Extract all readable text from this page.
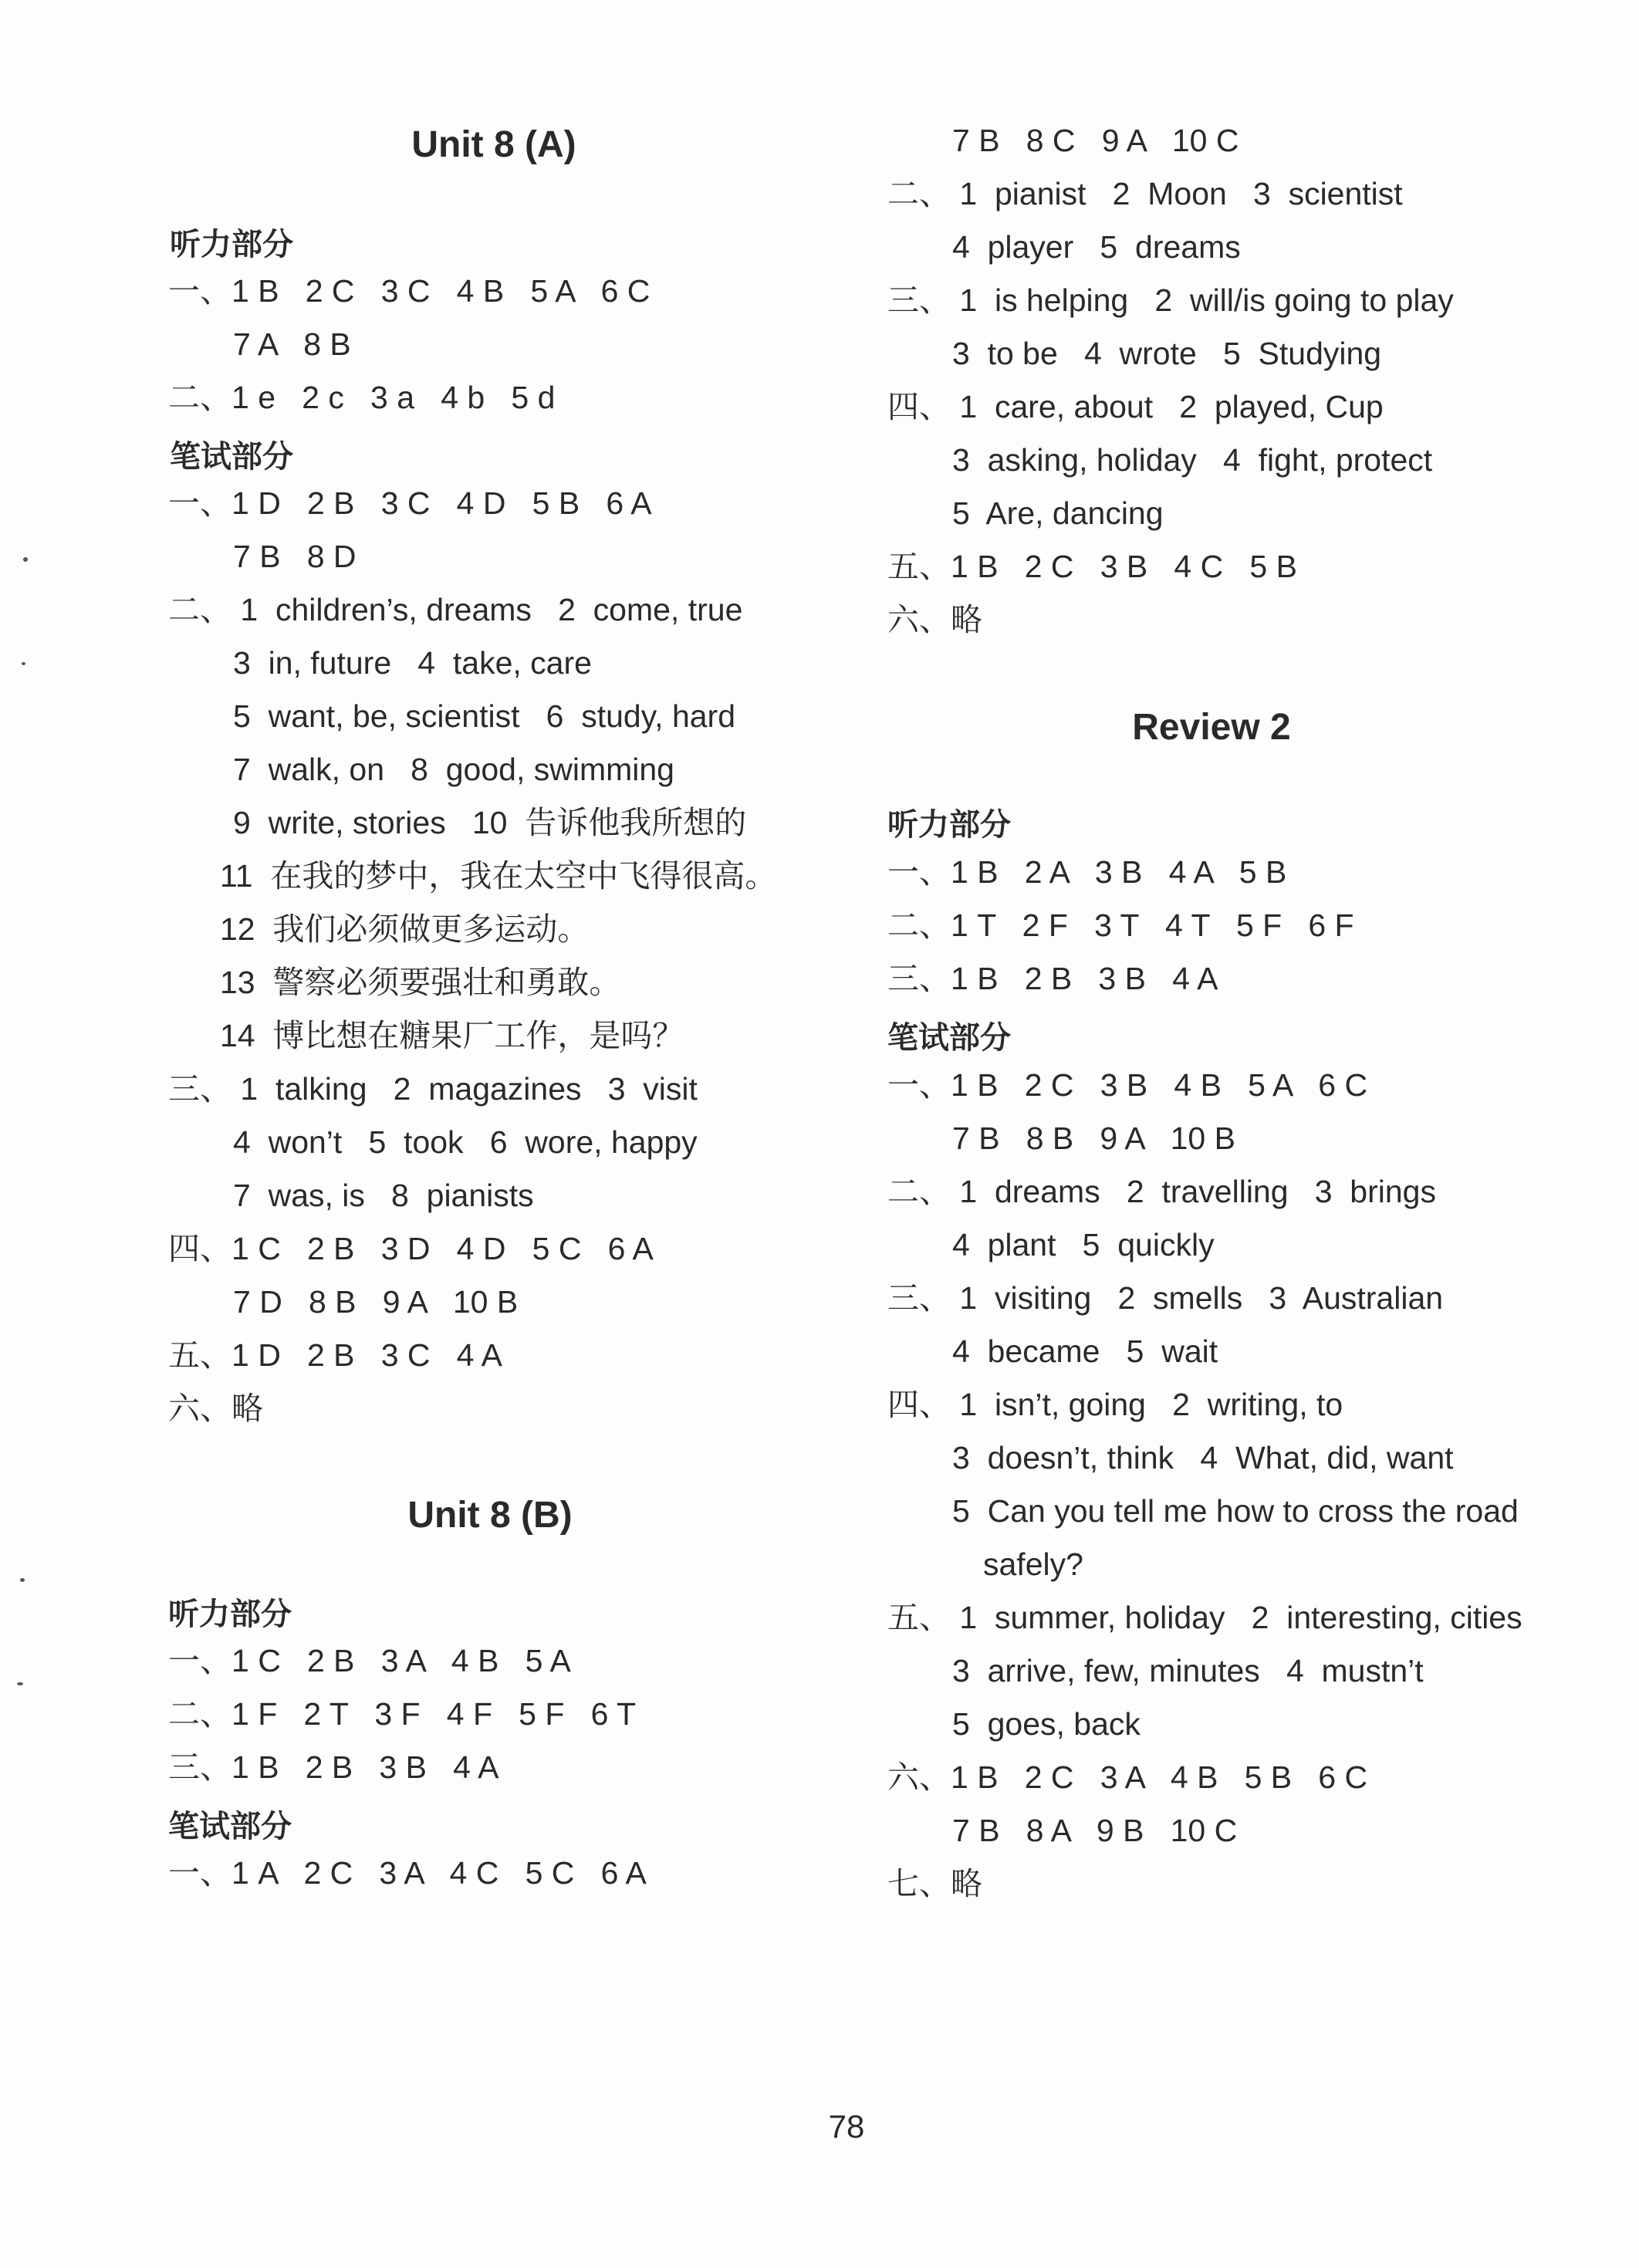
Unit 8 (A)
听力部分
一、1 B   2 C   3 C   4 B   5 A   6 C
7 A   8 B
二、1 e   2 c   3 a   4 b   5 d
笔试部分
一、1 D   2 B   3 C   4 D   5 B   6 A
7 B   8 D
二、 1  children’s, dreams   2  come, true
3  in, future   4  take, care
5  want, be, scientist   6  study, hard
7  walk, on   8  good, swimming
9  write, stories   10  告诉他我所想的
11  在我的梦中，我在太空中飞得很高。
12  我们必须做更多运动。
13  警察必须要强壮和勇敢。
14  博比想在糖果厂工作，是吗？
三、 1  talking   2  magazines   3  visit
4  won’t   5  took   6  wore, happy
7  was, is   8  pianists
四、1 C   2 B   3 D   4 D   5 C   6 A
7 D   8 B   9 A   10 B
五、1 D   2 B   3 C   4 A
六、略
Unit 8 (B)
听力部分
一、1 C   2 B   3 A   4 B   5 A
二、1 F   2 T   3 F   4 F   5 F   6 T
三、1 B   2 B   3 B   4 A
笔试部分
一、1 A   2 C   3 A   4 C   5 C   6 A
7 B   8 C   9 A   10 C
二、 1  pianist   2  Moon   3  scientist
4  player   5  dreams
三、 1  is helping   2  will/is going to play
3  to be   4  wrote   5  Studying
四、 1  care, about   2  played, Cup
3  asking, holiday   4  fight, protect
5  Are, dancing
五、1 B   2 C   3 B   4 C   5 B
六、略
Review 2
听力部分
一、1 B   2 A   3 B   4 A   5 B
二、1 T   2 F   3 T   4 T   5 F   6 F
三、1 B   2 B   3 B   4 A
笔试部分
一、1 B   2 C   3 B   4 B   5 A   6 C
7 B   8 B   9 A   10 B
二、 1  dreams   2  travelling   3  brings
4  plant   5  quickly
三、 1  visiting   2  smells   3  Australian
4  became   5  wait
四、 1  isn’t, going   2  writing, to
3  doesn’t, think   4  What, did, want
5  Can you tell me how to cross the road
safely?
五、 1  summer, holiday   2  interesting, cities
3  arrive, few, minutes   4  mustn’t
5  goes, back
六、1 B   2 C   3 A   4 B   5 B   6 C
7 B   8 A   9 B   10 C
七、略
78
